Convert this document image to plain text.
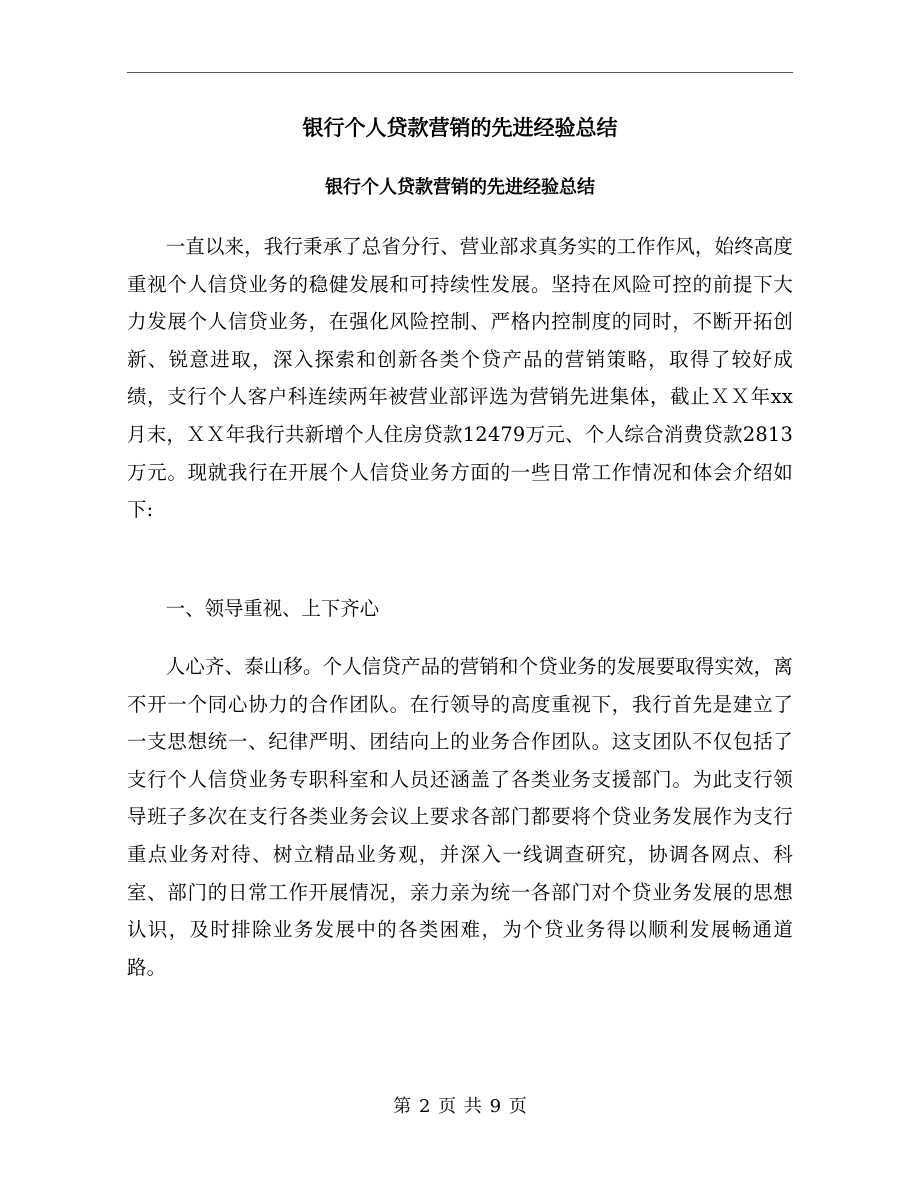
银行个人贷款营销的先进经验总结
银行个人贷款营销的先进经验总结

一直以来，我行秉承了总省分行、营业部求真务实的工作作风，始终高度重视个人信贷业务的稳健发展和可持续性发展。坚持在风险可控的前提下大力发展个人信贷业务，在强化风险控制、严格内控制度的同时，不断开拓创新、锐意进取，深入探索和创新各类个贷产品的营销策略，取得了较好成绩，支行个人客户科连续两年被营业部评选为营销先进集体，截止ＸＸ年xx月末，ＸＸ年我行共新增个人住房贷款12479万元、个人综合消费贷款2813万元。现就我行在开展个人信贷业务方面的一些日常工作情况和体会介绍如下:

一、领导重视、上下齐心

人心齐、泰山移。个人信贷产品的营销和个贷业务的发展要取得实效，离不开一个同心协力的合作团队。在行领导的高度重视下，我行首先是建立了一支思想统一、纪律严明、团结向上的业务合作团队。这支团队不仅包括了支行个人信贷业务专职科室和人员还涵盖了各类业务支援部门。为此支行领导班子多次在支行各类业务会议上要求各部门都要将个贷业务发展作为支行重点业务对待、树立精品业务观，并深入一线调查研究，协调各网点、科室、部门的日常工作开展情况，亲力亲为统一各部门对个贷业务发展的思想认识，及时排除业务发展中的各类困难，为个贷业务得以顺利发展畅通道路。

第 2 页 共 9 页
